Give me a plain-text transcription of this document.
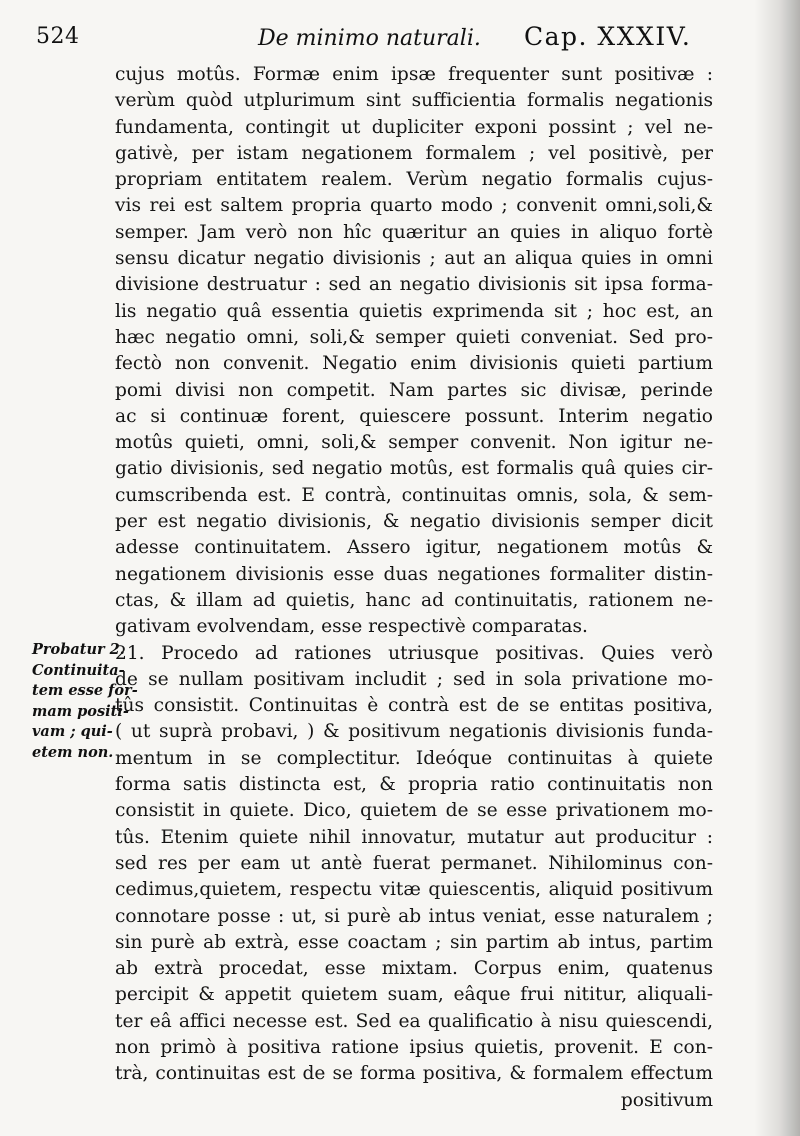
524	De minimo naturali. Cap. XXXIV.
Probatur 2.
Continuita-
tem esse for-
mam positi-
vam ; qui-
etem non.
cujus motûs. Formæ enim ipsæ frequenter sunt positivæ :
verùm quòd utplurimum sint sufficientia formalis negationis
fundamenta, contingit ut dupliciter exponi possint ; vel ne-
gativè, per istam negationem formalem ; vel positivè, per
propriam entitatem realem. Verùm negatio formalis cujus-
vis rei est saltem propria quarto modo ; convenit omni,soli,&
semper. Jam verò non hîc quæritur an quies in aliquo fortè
sensu dicatur negatio divisionis ; aut an aliqua quies in omni
divisione destruatur : sed an negatio divisionis sit ipsa forma-
lis negatio quâ essentia quietis exprimenda sit ; hoc est, an
hæc negatio omni, soli,& semper quieti conveniat. Sed pro-
fectò non convenit. Negatio enim divisionis quieti partium
pomi divisi non competit. Nam partes sic divisæ, perinde
ac si continuæ forent, quiescere possunt. Interim negatio
motûs quieti, omni, soli,& semper convenit. Non igitur ne-
gatio divisionis, sed negatio motûs, est formalis quâ quies cir-
cumscribenda est. E contrà, continuitas omnis, sola, & sem-
per est negatio divisionis, & negatio divisionis semper dicit
adesse continuitatem. Assero igitur, negationem motûs &
negationem divisionis esse duas negationes formaliter distin-
ctas, & illam ad quietis, hanc ad continuitatis, rationem ne-
gativam evolvendam, esse respectivè comparatas.
21. Procedo ad rationes utriusque positivas. Quies verò
de se nullam positivam includit ; sed in sola privatione mo-
tûs consistit. Continuitas è contrà est de se entitas positiva,
( ut suprà probavi, ) & positivum negationis divisionis funda-
mentum in se complectitur. Ideóque continuitas à quiete
forma satis distincta est, & propria ratio continuitatis non
consistit in quiete. Dico, quietem de se esse privationem mo-
tûs. Etenim quiete nihil innovatur, mutatur aut producitur :
sed res per eam ut antè fuerat permanet. Nihilominus con-
cedimus,quietem, respectu vitæ quiescentis, aliquid positivum
connotare posse : ut, si purè ab intus veniat, esse naturalem ;
sin purè ab extrà, esse coactam ; sin partim ab intus, partim
ab extrà procedat, esse mixtam. Corpus enim, quatenus
percipit & appetit quietem suam, eâque frui nititur, aliquali-
ter eâ affici necesse est. Sed ea qualificatio à nisu quiescendi,
non primò à positiva ratione ipsius quietis, provenit. E con-
trà, continuitas est de se forma positiva, & formalem effectum
positivum
